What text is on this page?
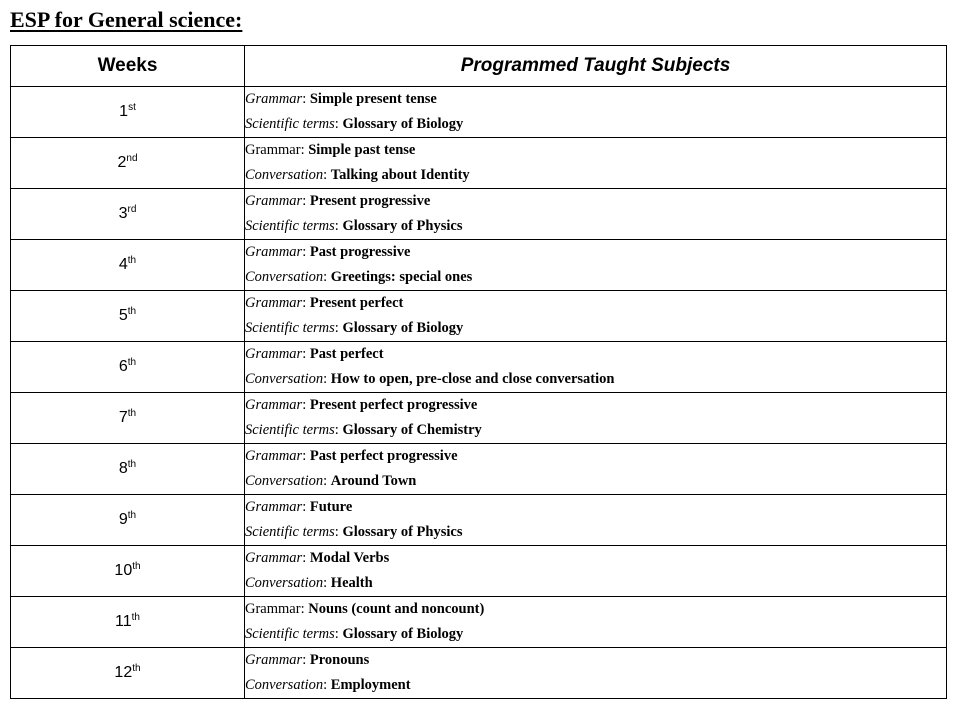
ESP for General science:
Weeks	Programmed Taught Subjects
1st	Grammar: Simple present tense
Scientific terms: Glossary of Biology

2nd	Grammar: Simple past tense
Conversation: Talking about Identity

3rd	Grammar: Present progressive
Scientific terms: Glossary of Physics

4th	Grammar: Past progressive
Conversation: Greetings: special ones

5th	Grammar: Present perfect
Scientific terms: Glossary of Biology

6th	Grammar: Past perfect
Conversation: How to open, pre-close and close conversation

7th	Grammar: Present perfect progressive
Scientific terms: Glossary of Chemistry

8th	Grammar: Past perfect progressive
Conversation: Around Town

9th	Grammar: Future
Scientific terms: Glossary of Physics

10th	Grammar: Modal Verbs
Conversation: Health

11th	Grammar: Nouns (count and noncount)
Scientific terms: Glossary of Biology

12th	Grammar: Pronouns
Conversation: Employment
